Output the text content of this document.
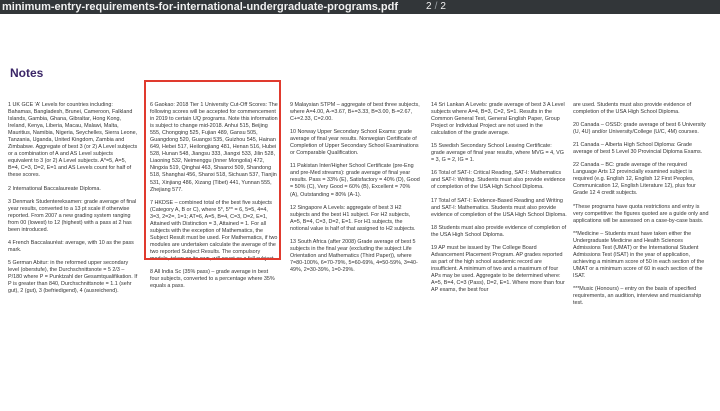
minimum-entry-requirements-for-international-undergraduate-programs.pdf	2 / 2
Notes

1 UK GCE 'A' Levels for countries including: Bahamas, Bangladesh, Brunei, Cameroon, Falkland Islands, Gambia, Ghana, Gibraltar, Hong Kong, Ireland, Kenya, Liberia, Macau, Malawi, Malta, Mauritius, Namibia, Nigeria, Seychelles, Sierra Leone, Tanzania, Uganda, United Kingdom, Zambia and Zimbabwe. Aggregate of best 3 (or 2) A Level subjects or a combination of A and AS Level subjects equivalent to 3 (or 2) A Level subjects. A*=5, A=5, B=4, C=3, D=2, E=1 and AS Levels count for half of these scores.

2 International Baccalaureate Diploma.

3 Denmark Studentereksamen: grade average of final year results, converted to a 13 pt scale if otherwise reported. From 2007 a new grading system ranging from 00 (lowest) to 12 (highest) with a pass at 2 has been introduced.

4 French Baccalauréat: average, with 10 as the pass mark.

5 German Abitur: in the reformed upper secondary level (oberstufe), the Durchschnittsnote = 5 2/3 – P/180 where P = Punktzahl der Gesamtqualifikation. If P is greater than 840, Durchschnittsnote = 1.1 (sehr gut), 2 (gut), 3 (befriedigend), 4 (ausreichend).

6 Gaokao: 2018 Tier 1 University Cut-Off Scores: The following scores will be accepted for commencement in 2019 to certain UQ programs. Note this information is subject to change mid-2018. Anhui 515, Beijing 555, Chongqing 525, Fujian 489, Gansu 505, Guangdong 520, Guangxi 535, Guizhou 545, Hainan 649, Hebei 517, Heilongjiang 481, Henan 516, Hubei 528, Hunan 548, Jiangsu 333, Jiangxi 533, Jilin 528, Liaoning 532, Neimenggu (Inner Mongolia) 472, Ningxia 519, Qinghai 463, Shaanxi 509, Shandong 518, Shanghai 456, Shanxi 518, Sichuan 537, Tianjin 531, Xinjiang 486, Xizang (Tibet) 441, Yunnan 555, Zhejiang 577.

7 HKDSE – combined total of the best five subjects (Category A, B or C), where 5*, 5** = 6, 5=5, 4=4, 3=3, 2=2=, 1=1; AT=6, A=5, B=4, C=3, D=2, E=1, Attained with Distinction = 3, Attained = 1. For all subjects with the exception of Mathematics, the Subject Result must be used. For Mathematics, if two modules are undertaken calculate the average of the two reported Subject Results. The compulsory module, taken on its own, will count as a full subject.

8 All India Sc (35% pass) – grade average in best four subjects, converted to a percentage where 35% equals a pass.

9 Malaysian STPM – aggregate of best three subjects, where A=4.00, A-=3.67, B+=3.33, B=3.00, B-=2.67, C+=2.33, C=2.00.

10 Norway Upper Secondary School Exams: grade average of final year results. Norwegian Certificate of Completion of Upper Secondary School Examinations or Comparable Qualification.

11 Pakistan Inter/Higher School Certificate (pre-Eng and pre-Med streams): grade average of final year results. Pass = 33% (E), Satisfactory = 40% (D), Good = 50% (C), Very Good = 60% (B), Excellent = 70% (A), Outstanding = 80% (A-1).

12 Singapore A Levels: aggregate of best 3 H2 subjects and the best H1 subject. For H2 subjects, A=5, B=4, C=3, D=2, E=1. For H1 subjects, the notional value is half of that assigned to H2 subjects.

13 South Africa (after 2008) Grade average of best 5 subjects in the final year (excluding the subject Life Orientation and Mathematics (Third Paper)), where 7=80-100%, 6=70-79%, 5=60-69%, 4=50-59%, 3=40-49%, 2=30-39%, 1=0-29%.

14 Sri Lankan A Levels: grade average of best 3 A Level subjects where A=4, B=3, C=2, S=1. Results in the Common General Test, General English Paper, Group Project or Individual Project are not used in the calculation of the grade average.

15 Swedish Secondary School Leaving Certificate: grade average of final year results, where MVG = 4, VG = 3, G = 2, IG = 1.

16 Total of SAT-I: Critical Reading, SAT-I: Mathematics and SAT-I: Writing. Students must also provide evidence of completion of the USA High School Diploma.

17 Total of SAT-I: Evidence-Based Reading and Writing and SAT-I: Mathematics. Students must also provide evidence of completion of the USA High School Diploma.

18 Students must also provide evidence of completion of the USA High School Diploma.

19 AP must be issued by The College Board Advancement Placement Program. AP grades reported as part of the high school academic record are insufficient. A minimum of two and a maximum of four APs may be used. Aggregate to be determined where: A=5, B=4, C=3 (Pass), D=2, E=1. Where more than four AP exams, the best four

are used. Students must also provide evidence of completion of the USA High School Diploma.

20 Canada – OSSD: grade average of best 6 University (U, 4U) and/or University/College (U/C, 4M) courses.

21 Canada – Alberta High School Diploma: Grade average of best 5 Level 30 Provincial Diploma Exams.

22 Canada – BC: grade average of the required Language Arts 12 provincially examined subject is required (e.g. English 12, English 12 First Peoples, Communication 12, English Literature 12), plus four Grade 12 4 credit subjects.

*These programs have quota restrictions and entry is very competitive: the figures quoted are a guide only and applications will be assessed on a case-by-case basis.

**Medicine – Students must have taken either the Undergraduate Medicine and Health Sciences Admissions Test (UMAT) or the International Student Admissions Test (ISAT) in the year of application, achieving a minimum score of 50 in each section of the UMAT or a minimum score of 60 in each section of the ISAT.

***Music (Honours) – entry on the basis of specified requirements, an audition, interview and musicianship test.
